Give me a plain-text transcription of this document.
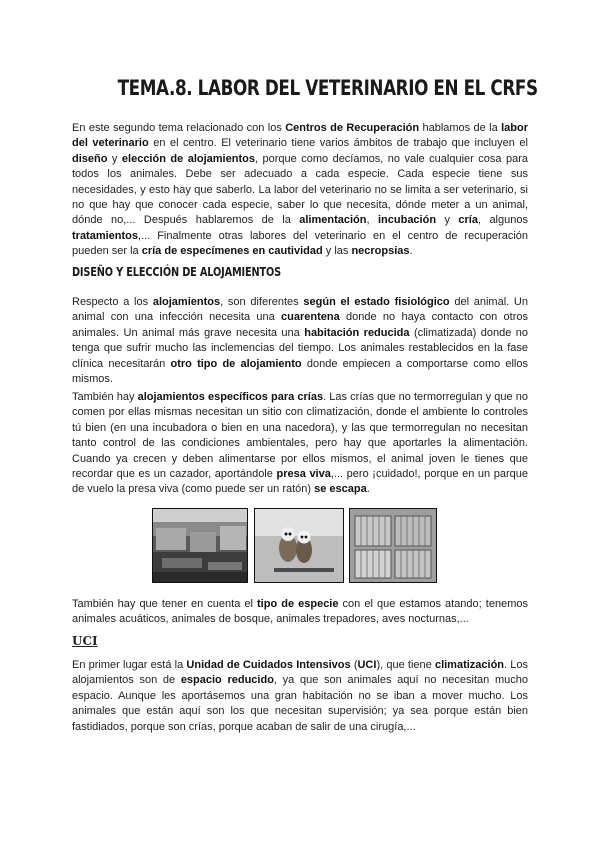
TEMA.8. LABOR DEL VETERINARIO EN EL CRFS

En este segundo tema relacionado con los Centros de Recuperación hablamos de la labor del veterinario en el centro. El veterinario tiene varios ámbitos de trabajo que incluyen el diseño y elección de alojamientos, porque como decíamos, no vale cualquier cosa para todos los animales. Debe ser adecuado a cada especie. Cada especie tiene sus necesidades, y esto hay que saberlo. La labor del veterinario no se limita a ser veterinario, si no que hay que conocer cada especie, saber lo que necesita, dónde meter a un animal, dónde no,... Después hablaremos de la alimentación, incubación y cría, algunos tratamientos,... Finalmente otras labores del veterinario en el centro de recuperación pueden ser la cría de especímenes en cautividad y las necropsias.

DISEÑO Y ELECCIÓN DE ALOJAMIENTOS

Respecto a los alojamientos, son diferentes según el estado fisiológico del animal. Un animal con una infección necesita una cuarentena donde no haya contacto con otros animales. Un animal más grave necesita una habitación reducida (climatizada) donde no tenga que sufrir mucho las inclemencias del tiempo. Los animales restablecidos en la fase clínica necesitarán otro tipo de alojamiento donde empiecen a comportarse como ellos mismos.

También hay alojamientos específicos para crías. Las crías que no termorregulan y que no comen por ellas mismas necesitan un sitio con climatización, donde el ambiente lo controles tú bien (en una incubadora o bien en una nacedora), y las que termorregulan no necesitan tanto control de las condiciones ambientales, pero hay que aportarles la alimentación. Cuando ya crecen y deben alimentarse por ellos mismos, el animal joven le tienes que recordar que es un cazador, aportándole presa viva,... pero ¡cuidado!, porque en un parque de vuelo la presa viva (como puede ser un ratón) se escapa.

También hay que tener en cuenta el tipo de especie con el que estamos atando; tenemos animales acuáticos, animales de bosque, animales trepadores, aves nocturnas,...

UCI

En primer lugar está la Unidad de Cuidados Intensivos (UCI), que tiene climatización. Los alojamientos son de espacio reducido, ya que son animales aquí no necesitan mucho espacio. Aunque les aportásemos una gran habitación no se iban a mover mucho. Los animales que están aquí son los que necesitan supervisión; ya sea porque están bien fastidiados, porque son crías, porque acaban de salir de una cirugía,...
